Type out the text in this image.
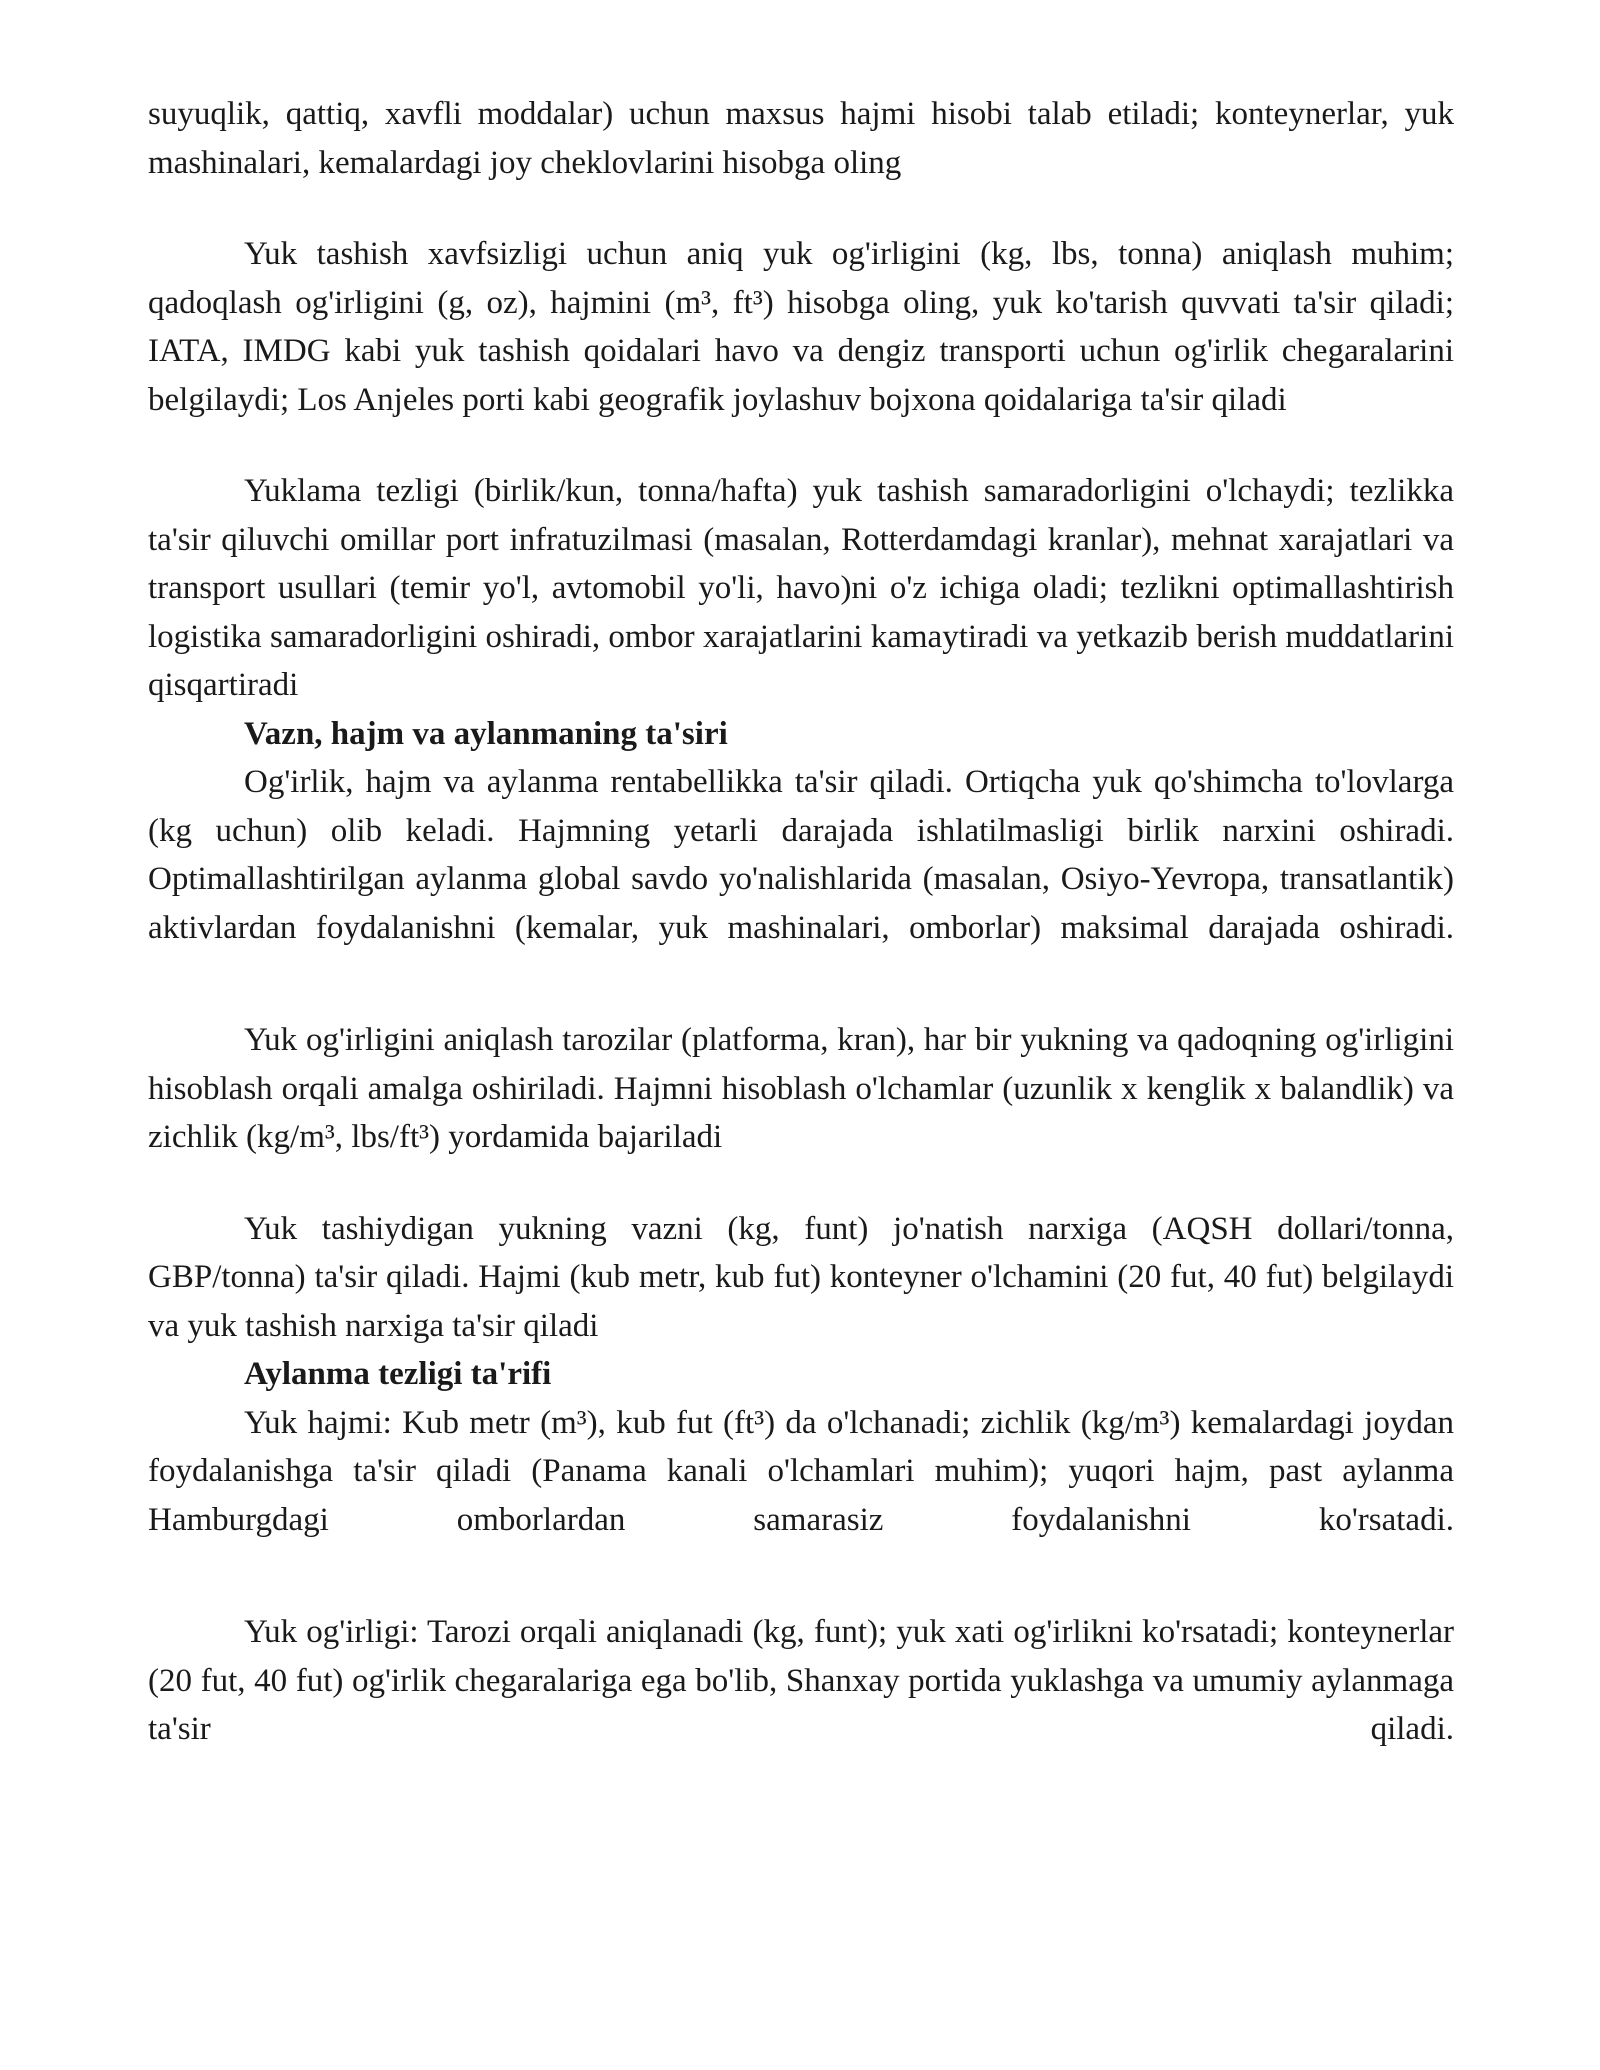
suyuqlik, qattiq, xavfli moddalar) uchun maxsus hajmi hisobi talab etiladi; konteynerlar, yuk mashinalari, kemalardagi joy cheklovlarini hisobga oling

Yuk tashish xavfsizligi uchun aniq yuk og'irligini (kg, lbs, tonna) aniqlash muhim; qadoqlash og'irligini (g, oz), hajmini (m³, ft³) hisobga oling, yuk ko'tarish quvvati ta'sir qiladi; IATA, IMDG kabi yuk tashish qoidalari havo va dengiz transporti uchun og'irlik chegaralarini belgilaydi; Los Anjeles porti kabi geografik joylashuv bojxona qoidalariga ta'sir qiladi

Yuklama tezligi (birlik/kun, tonna/hafta) yuk tashish samaradorligini o'lchaydi; tezlikka ta'sir qiluvchi omillar port infratuzilmasi (masalan, Rotterdamdagi kranlar), mehnat xarajatlari va transport usullari (temir yo'l, avtomobil yo'li, havo)ni o'z ichiga oladi; tezlikni optimallashtirish logistika samaradorligini oshiradi, ombor xarajatlarini kamaytiradi va yetkazib berish muddatlarini qisqartiradi

Vazn, hajm va aylanmaning ta'siri

Og'irlik, hajm va aylanma rentabellikka ta'sir qiladi. Ortiqcha yuk qo'shimcha to'lovlarga (kg uchun) olib keladi. Hajmning yetarli darajada ishlatilmasligi birlik narxini oshiradi. Optimallashtirilgan aylanma global savdo yo'nalishlarida (masalan, Osiyo-Yevropa, transatlantik) aktivlardan foydalanishni (kemalar, yuk mashinalari, omborlar) maksimal darajada oshiradi.

Yuk og'irligini aniqlash tarozilar (platforma, kran), har bir yukning va qadoqning og'irligini hisoblash orqali amalga oshiriladi. Hajmni hisoblash o'lchamlar (uzunlik x kenglik x balandlik) va zichlik (kg/m³, lbs/ft³) yordamida bajariladi

Yuk tashiydigan yukning vazni (kg, funt) jo'natish narxiga (AQSH dollari/tonna, GBP/tonna) ta'sir qiladi. Hajmi (kub metr, kub fut) konteyner o'lchamini (20 fut, 40 fut) belgilaydi va yuk tashish narxiga ta'sir qiladi

Aylanma tezligi ta'rifi

Yuk hajmi: Kub metr (m³), kub fut (ft³) da o'lchanadi; zichlik (kg/m³) kemalardagi joydan foydalanishga ta'sir qiladi (Panama kanali o'lchamlari muhim); yuqori hajm, past aylanma Hamburgdagi omborlardan samarasiz foydalanishni ko'rsatadi.

Yuk og'irligi: Tarozi orqali aniqlanadi (kg, funt); yuk xati og'irlikni ko'rsatadi; konteynerlar (20 fut, 40 fut) og'irlik chegaralariga ega bo'lib, Shanxay portida yuklashga va umumiy aylanmaga ta'sir qiladi.
